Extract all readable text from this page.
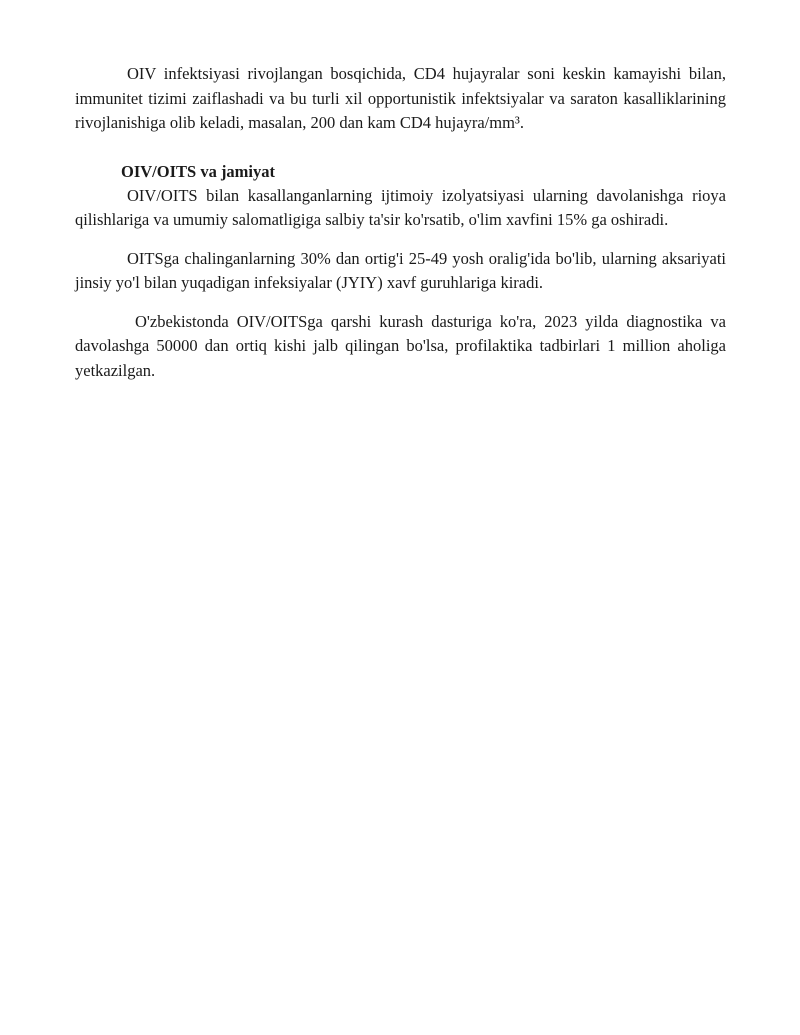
OIV infektsiyasi rivojlangan bosqichida, CD4 hujayralar soni keskin kamayishi bilan, immunitet tizimi zaiflashadi va bu turli xil opportunistik infektsiyalar va saraton kasalliklarining rivojlanishiga olib keladi, masalan, 200 dan kam CD4 hujayra/mm³.

OIV/OITS va jamiyat

OIV/OITS bilan kasallanganlarning ijtimoiy izolyatsiyasi ularning davolanishga rioya qilishlariga va umumiy salomatligiga salbiy ta'sir ko'rsatib, o'lim xavfini 15% ga oshiradi.

OITSga chalinganlarning 30% dan ortig'i 25-49 yosh oralig'ida bo'lib, ularning aksariyati jinsiy yo'l bilan yuqadigan infeksiyalar (JYIY) xavf guruhlariga kiradi.

O'zbekistonda OIV/OITSga qarshi kurash dasturiga ko'ra, 2023 yilda diagnostika va davolashga 50000 dan ortiq kishi jalb qilingan bo'lsa, profilaktika tadbirlari 1 million aholiga yetkazilgan.
